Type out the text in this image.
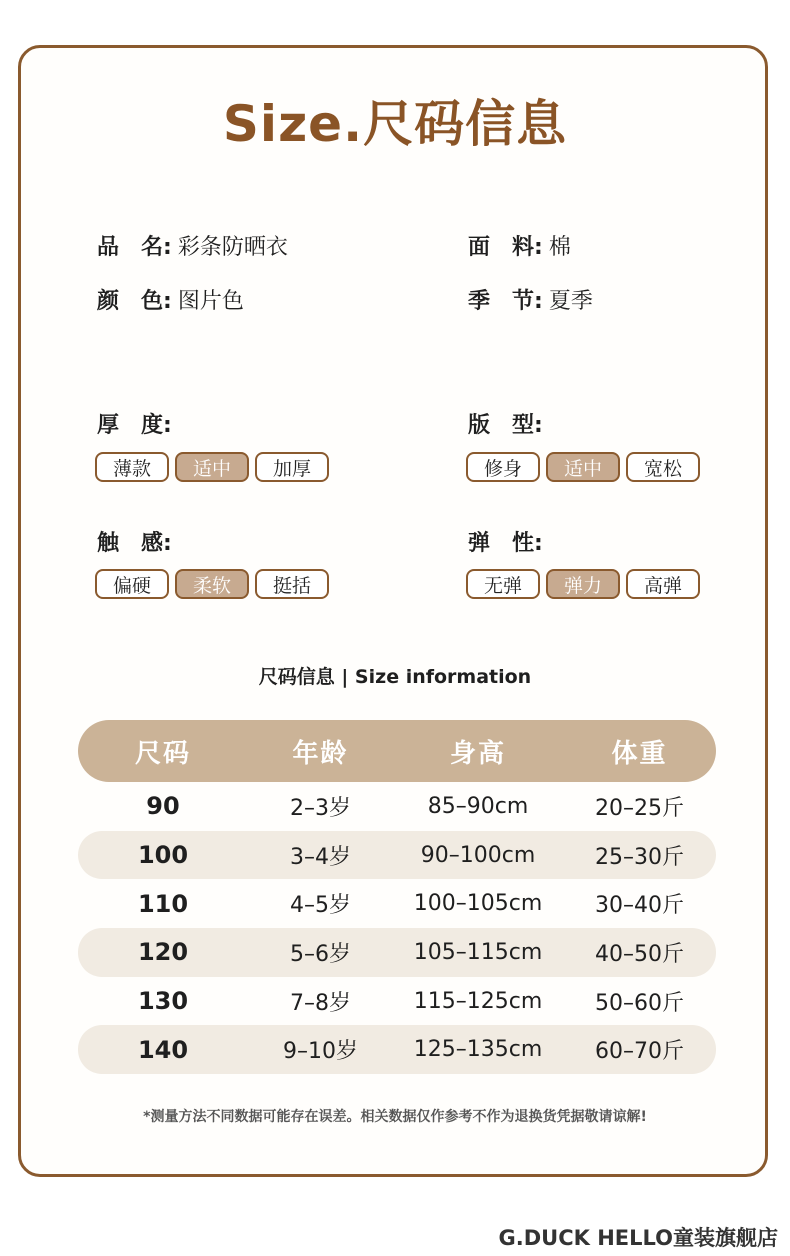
Size.尺码信息
品　名: 彩条防晒衣	面　料: 棉
颜　色: 图片色	季　节: 夏季
厚　度:
薄款	适中	加厚
版　型:
修身	适中	宽松
触　感:
偏硬	柔软	挺括
弹　性:
无弹	弹力	高弹
尺码信息 | Size information
尺码	年龄	身高	体重
90	2–3岁	85–90cm	20–25斤
100	3–4岁	90–100cm	25–30斤
110	4–5岁	100–105cm	30–40斤
120	5–6岁	105–115cm	40–50斤
130	7–8岁	115–125cm	50–60斤
140	9–10岁	125–135cm	60–70斤
*测量方法不同数据可能存在误差。相关数据仅作参考不作为退换货凭据敬请谅解!
G.DUCK HELLO童装旗舰店
